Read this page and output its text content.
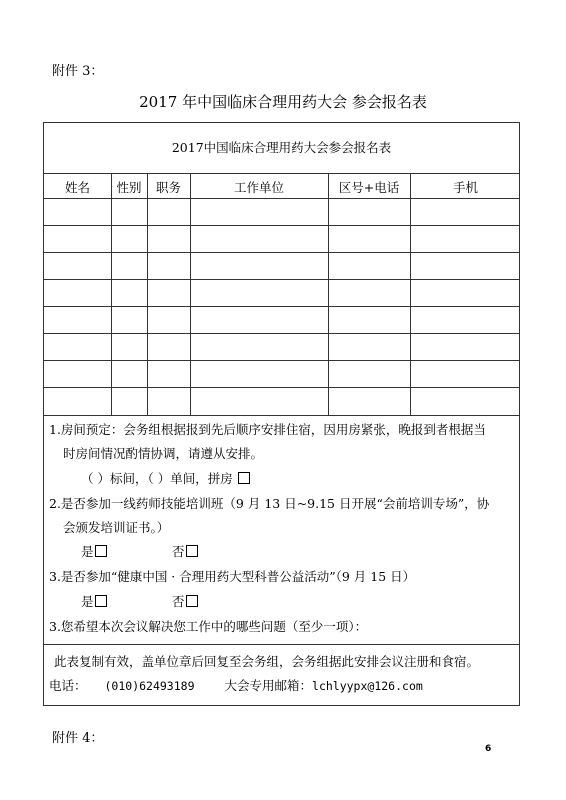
附件 3：
2017 年中国临床合理用药大会 参会报名表
2017中国临床合理用药大会参会报名表
姓名	性别	职务	工作单位	区号+电话	手机
1.房间预定：会务组根据报到先后顺序安排住宿，因用房紧张，晚报到者根据当
时房间情况酌情协调，请遵从安排。
（ ）标间，（ ）单间，拼房
2.是否参加一线药师技能培训班（9 月 13 日~9.15 日开展“会前培训专场”，协
会颁发培训证书。）
是	否
3.是否参加“健康中国 · 合理用药大型科普公益活动”（9 月 15 日）
是	否
3.您希望本次会议解决您工作中的哪些问题（至少一项）：
此表复制有效，盖单位章后回复至会务组，会务组据此安排会议注册和食宿。
电话： (010)62493189 大会专用邮箱：lchlyypx@126.com
附件 4：
6
